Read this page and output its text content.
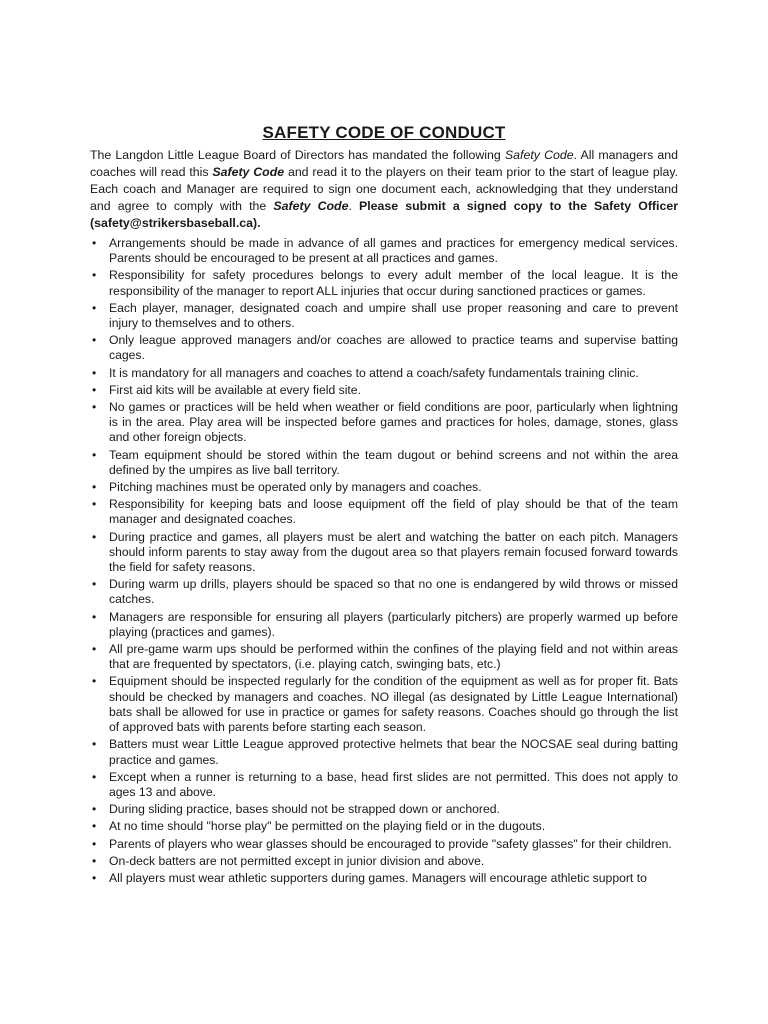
SAFETY CODE OF CONDUCT
The Langdon Little League Board of Directors has mandated the following Safety Code. All managers and coaches will read this Safety Code and read it to the players on their team prior to the start of league play. Each coach and Manager are required to sign one document each, acknowledging that they understand and agree to comply with the Safety Code. Please submit a signed copy to the Safety Officer (safety@strikersbaseball.ca).
• Arrangements should be made in advance of all games and practices for emergency medical services. Parents should be encouraged to be present at all practices and games.
• Responsibility for safety procedures belongs to every adult member of the local league. It is the responsibility of the manager to report ALL injuries that occur during sanctioned practices or games.
• Each player, manager, designated coach and umpire shall use proper reasoning and care to prevent injury to themselves and to others.
• Only league approved managers and/or coaches are allowed to practice teams and supervise batting cages.
• It is mandatory for all managers and coaches to attend a coach/safety fundamentals training clinic.
• First aid kits will be available at every field site.
• No games or practices will be held when weather or field conditions are poor, particularly when lightning is in the area. Play area will be inspected before games and practices for holes, damage, stones, glass and other foreign objects.
• Team equipment should be stored within the team dugout or behind screens and not within the area defined by the umpires as live ball territory.
• Pitching machines must be operated only by managers and coaches.
• Responsibility for keeping bats and loose equipment off the field of play should be that of the team manager and designated coaches.
• During practice and games, all players must be alert and watching the batter on each pitch. Managers should inform parents to stay away from the dugout area so that players remain focused forward towards the field for safety reasons.
• During warm up drills, players should be spaced so that no one is endangered by wild throws or missed catches.
• Managers are responsible for ensuring all players (particularly pitchers) are properly warmed up before playing (practices and games).
• All pre-game warm ups should be performed within the confines of the playing field and not within areas that are frequented by spectators, (i.e. playing catch, swinging bats, etc.)
• Equipment should be inspected regularly for the condition of the equipment as well as for proper fit. Bats should be checked by managers and coaches. NO illegal (as designated by Little League International) bats shall be allowed for use in practice or games for safety reasons. Coaches should go through the list of approved bats with parents before starting each season.
• Batters must wear Little League approved protective helmets that bear the NOCSAE seal during batting practice and games.
• Except when a runner is returning to a base, head first slides are not permitted. This does not apply to ages 13 and above.
• During sliding practice, bases should not be strapped down or anchored.
• At no time should "horse play" be permitted on the playing field or in the dugouts.
• Parents of players who wear glasses should be encouraged to provide "safety glasses" for their children.
• On-deck batters are not permitted except in junior division and above.
• All players must wear athletic supporters during games. Managers will encourage athletic support to
